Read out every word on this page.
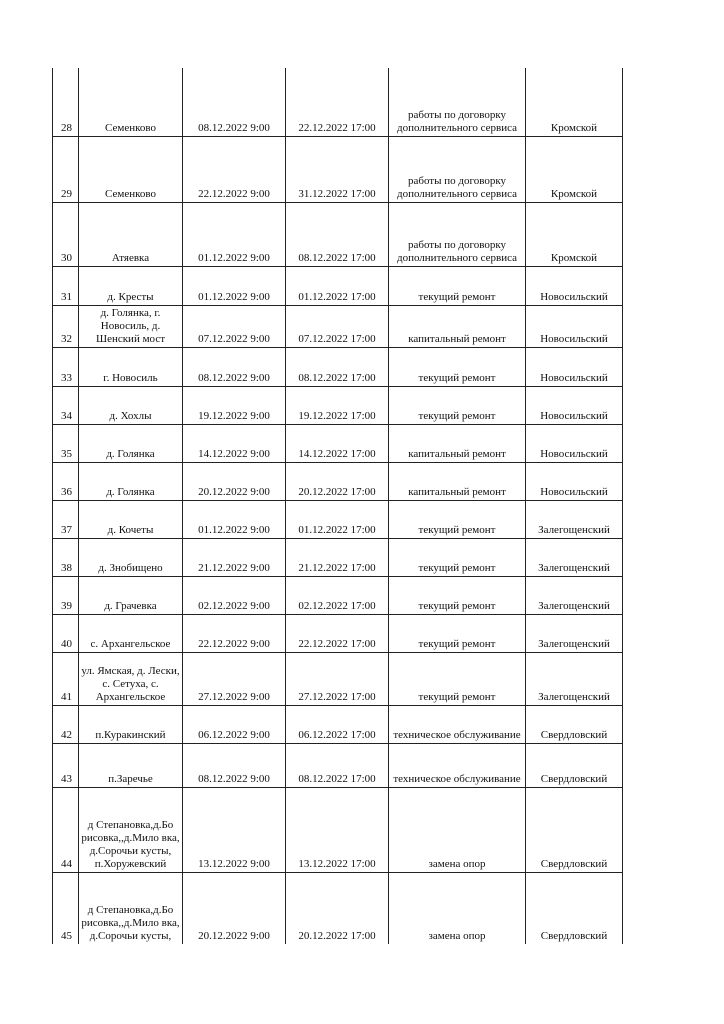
28	Семенково	08.12.2022 9:00	22.12.2022 17:00	работы по договорку дополнительного сервиса	Кромской
29	Семенково	22.12.2022 9:00	31.12.2022 17:00	работы по договорку дополнительного сервиса	Кромской
30	Атяевка	01.12.2022 9:00	08.12.2022 17:00	работы по договорку дополнительного сервиса	Кромской
31	д. Кресты	01.12.2022 9:00	01.12.2022 17:00	текущий ремонт	Новосильский
32	д. Голянка, г. Новосиль, д. Шенский мост	07.12.2022 9:00	07.12.2022 17:00	капитальный ремонт	Новосильский
33	г. Новосиль	08.12.2022 9:00	08.12.2022 17:00	текущий ремонт	Новосильский
34	д. Хохлы	19.12.2022 9:00	19.12.2022 17:00	текущий ремонт	Новосильский
35	д. Голянка	14.12.2022 9:00	14.12.2022 17:00	капитальный ремонт	Новосильский
36	д. Голянка	20.12.2022 9:00	20.12.2022 17:00	капитальный ремонт	Новосильский
37	д. Кочеты	01.12.2022 9:00	01.12.2022 17:00	текущий ремонт	Залегощенский
38	д. Знобищено	21.12.2022 9:00	21.12.2022 17:00	текущий ремонт	Залегощенский
39	д. Грачевка	02.12.2022 9:00	02.12.2022 17:00	текущий ремонт	Залегощенский
40	с. Архангельское	22.12.2022 9:00	22.12.2022 17:00	текущий ремонт	Залегощенский
41	ул. Ямская, д. Лески, с. Сетуха, с. Архангельское	27.12.2022 9:00	27.12.2022 17:00	текущий ремонт	Залегощенский
42	п.Куракинский	06.12.2022 9:00	06.12.2022 17:00	техническое обслуживание	Свердловский
43	п.Заречье	08.12.2022 9:00	08.12.2022 17:00	техническое обслуживание	Свердловский
44	д Степановка,д.Бо рисовка,,д.Мило вка, д.Сорочьи кусты, п.Хоружевский	13.12.2022 9:00	13.12.2022 17:00	замена опор	Свердловский
45	д Степановка,д.Бо рисовка,,д.Мило вка, д.Сорочьи кусты,	20.12.2022 9:00	20.12.2022 17:00	замена опор	Свердловский
